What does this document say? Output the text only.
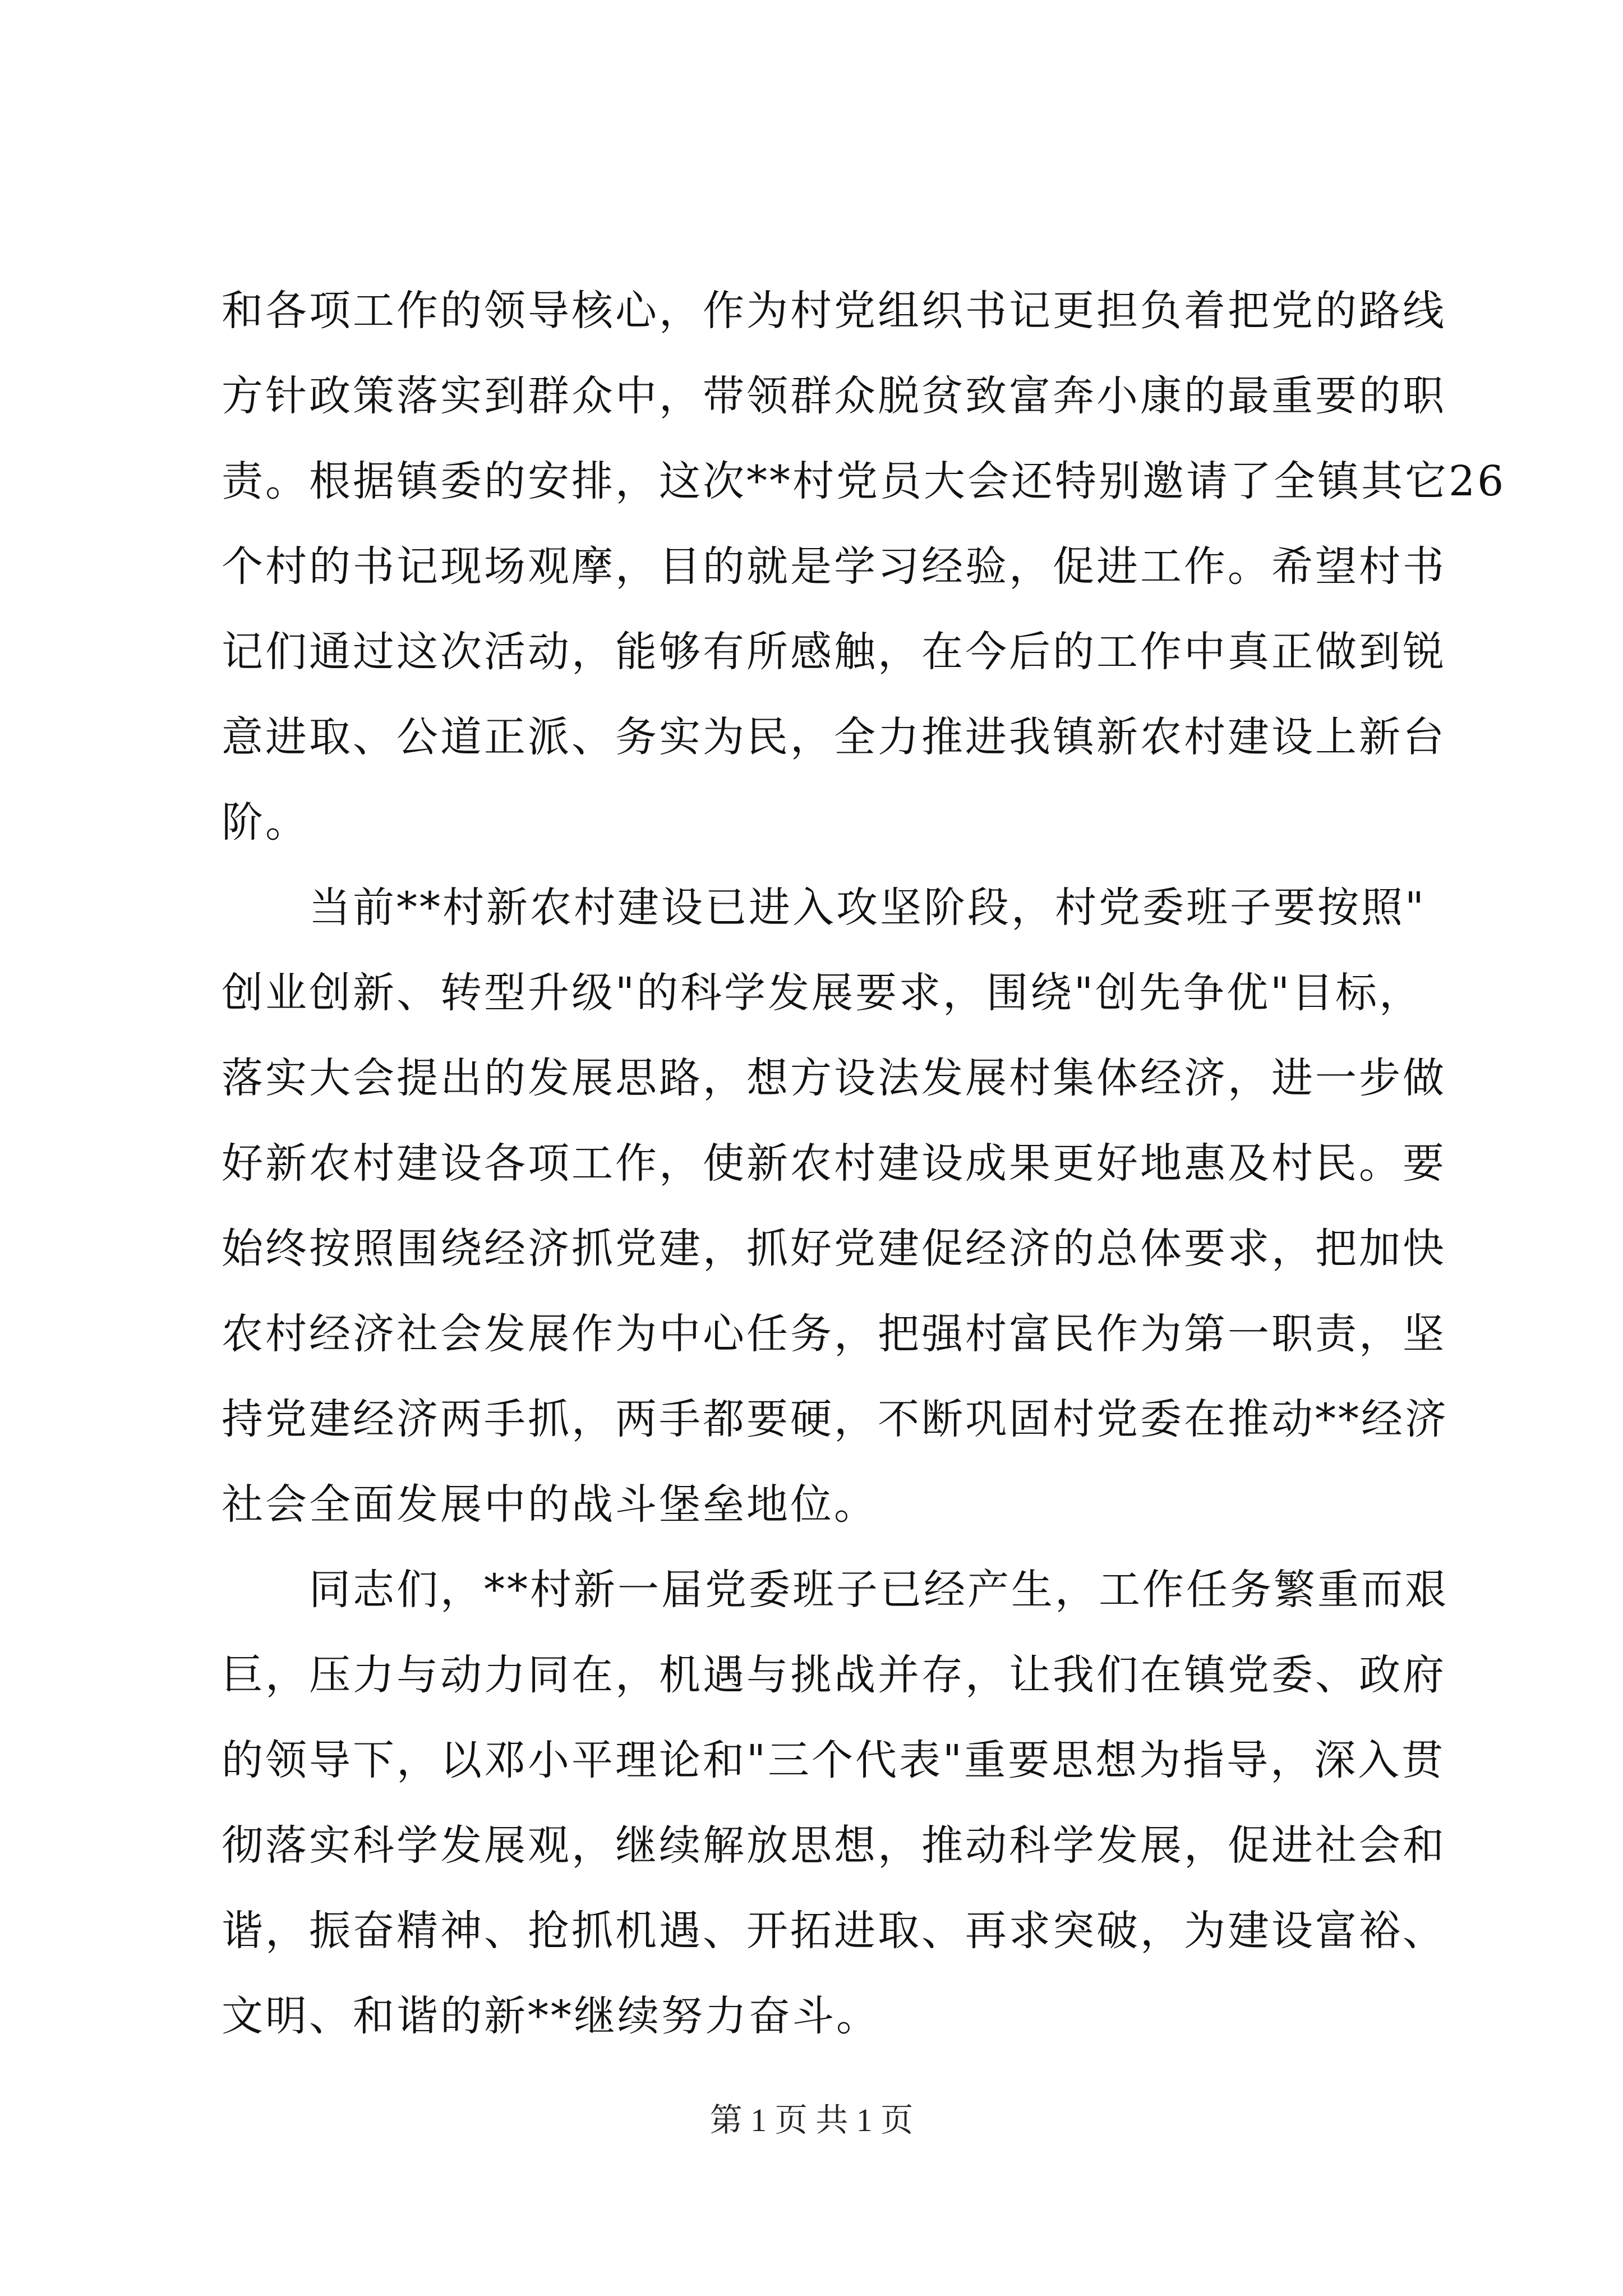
和各项工作的领导核心，作为村党组织书记更担负着把党的路线
方针政策落实到群众中，带领群众脱贫致富奔小康的最重要的职
责。根据镇委的安排，这次**村党员大会还特别邀请了全镇其它26
个村的书记现场观摩，目的就是学习经验，促进工作。希望村书
记们通过这次活动，能够有所感触，在今后的工作中真正做到锐
意进取、公道正派、务实为民，全力推进我镇新农村建设上新台
阶。
　　当前**村新农村建设已进入攻坚阶段，村党委班子要按照"
创业创新、转型升级"的科学发展要求，围绕"创先争优"目标，
落实大会提出的发展思路，想方设法发展村集体经济，进一步做
好新农村建设各项工作，使新农村建设成果更好地惠及村民。要
始终按照围绕经济抓党建，抓好党建促经济的总体要求，把加快
农村经济社会发展作为中心任务，把强村富民作为第一职责，坚
持党建经济两手抓，两手都要硬，不断巩固村党委在推动**经济
社会全面发展中的战斗堡垒地位。
　　同志们，**村新一届党委班子已经产生，工作任务繁重而艰
巨，压力与动力同在，机遇与挑战并存，让我们在镇党委、政府
的领导下，以邓小平理论和"三个代表"重要思想为指导，深入贯
彻落实科学发展观，继续解放思想，推动科学发展，促进社会和
谐，振奋精神、抢抓机遇、开拓进取、再求突破，为建设富裕、
文明、和谐的新**继续努力奋斗。
第 1 页 共 1 页
